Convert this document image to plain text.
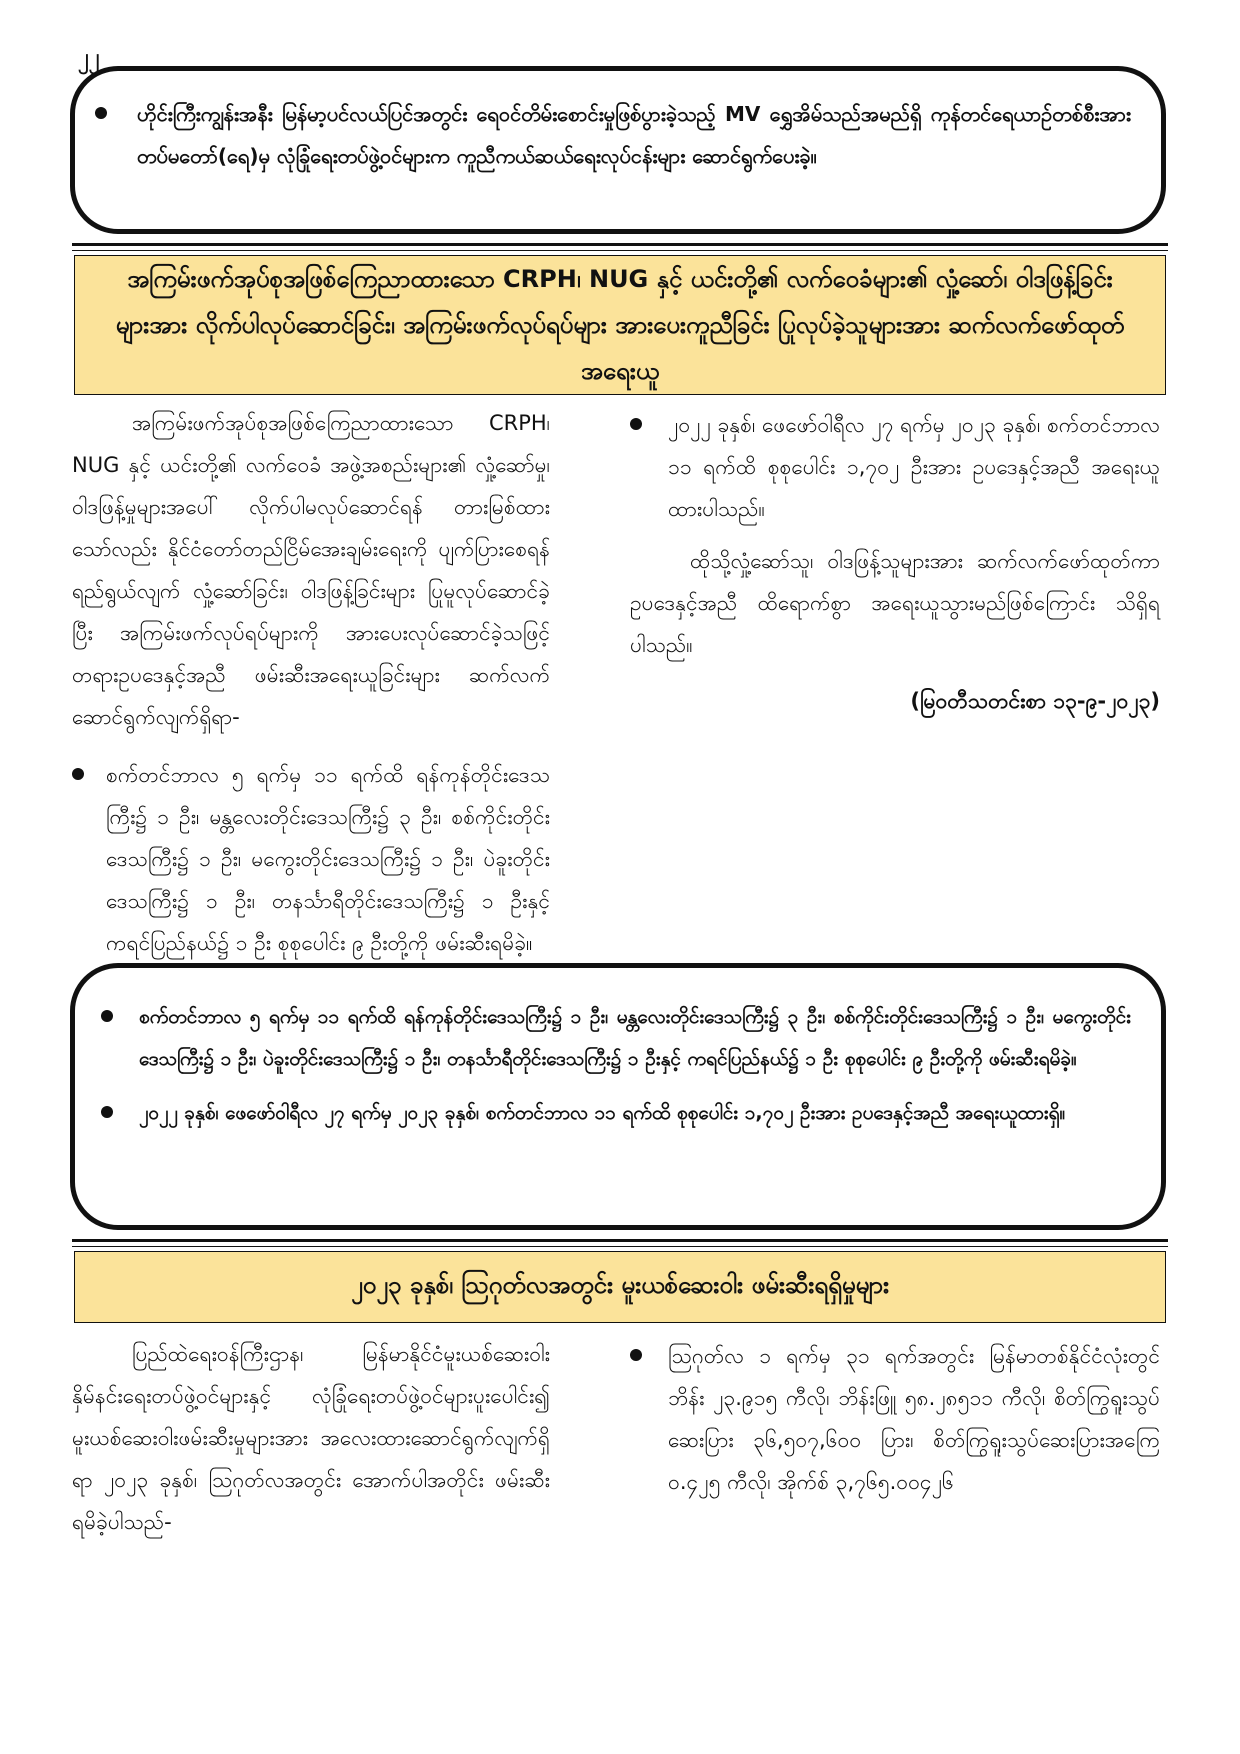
၂၂
ဟိုင်းကြီးကျွန်းအနီး မြန်မာ့ပင်လယ်ပြင်အတွင်း ရေဝင်တိမ်းစောင်းမှုဖြစ်ပွားခဲ့သည့် MV ရွှေအိမ်သည်အမည်ရှိ ကုန်တင်ရေယာဉ်တစ်စီးအား တပ်မတော်(ရေ)မှ လုံခြုံရေးတပ်ဖွဲ့ဝင်များက ကူညီကယ်ဆယ်ရေးလုပ်ငန်းများ ဆောင်ရွက်ပေးခဲ့။
အကြမ်းဖက်အုပ်စုအဖြစ်ကြေညာထားသော CRPH၊ NUG နှင့် ယင်းတို့၏ လက်ဝေခံများ၏ လှုံ့ဆော်၊ ဝါဒဖြန့်ခြင်းများအား လိုက်ပါလုပ်ဆောင်ခြင်း၊ အကြမ်းဖက်လုပ်ရပ်များ အားပေးကူညီခြင်း ပြုလုပ်ခဲ့သူများအား ဆက်လက်ဖော်ထုတ်အရေးယူ

အကြမ်းဖက်အုပ်စုအဖြစ်ကြေညာထားသော CRPH၊ NUG နှင့် ယင်းတို့၏ လက်ဝေခံ အဖွဲ့အစည်းများ၏ လှုံ့ဆော်မှု၊ ဝါဒဖြန့်မှုများအပေါ် လိုက်ပါမလုပ်ဆောင်ရန် တားမြစ်ထားသော်လည်း နိုင်ငံတော်တည်ငြိမ်အေးချမ်းရေးကို ပျက်ပြားစေရန် ရည်ရွယ်လျက် လှုံ့ဆော်ခြင်း၊ ဝါဒဖြန့်ခြင်းများ ပြုမူလုပ်ဆောင်ခဲ့ပြီး အကြမ်းဖက်လုပ်ရပ်များကို အားပေးလုပ်ဆောင်ခဲ့သဖြင့် တရားဥပဒေနှင့်အညီ ဖမ်းဆီးအရေးယူခြင်းများ ဆက်လက် ဆောင်ရွက်လျက်ရှိရာ-

စက်တင်ဘာလ ၅ ရက်မှ ၁၁ ရက်ထိ ရန်ကုန်တိုင်းဒေသကြီး၌ ၁ ဦး၊ မန္တလေးတိုင်းဒေသကြီး၌ ၃ ဦး၊ စစ်ကိုင်းတိုင်းဒေသကြီး၌ ၁ ဦး၊ မကွေးတိုင်းဒေသကြီး၌ ၁ ဦး၊ ပဲခူးတိုင်းဒေသကြီး၌ ၁ ဦး၊ တနင်္သာရီတိုင်းဒေသကြီး၌ ၁ ဦးနှင့် ကရင်ပြည်နယ်၌ ၁ ဦး စုစုပေါင်း ၉ ဦးတို့ကို ဖမ်းဆီးရမိခဲ့။
၂၀၂၂ ခုနှစ်၊ ဖေဖော်ဝါရီလ ၂၇ ရက်မှ ၂၀၂၃ ခုနှစ်၊ စက်တင်ဘာလ ၁၁ ရက်ထိ စုစုပေါင်း ၁,၇၀၂ ဦးအား ဥပဒေနှင့်အညီ အရေးယူထားပါသည်။

ထိုသို့လှုံ့ဆော်သူ၊ ဝါဒဖြန့်သူများအား ဆက်လက်ဖော်ထုတ်ကာ ဥပဒေနှင့်အညီ ထိရောက်စွာ အရေးယူသွားမည်ဖြစ်ကြောင်း သိရှိရပါသည်။

(မြဝတီသတင်းစာ ၁၃-၉-၂၀၂၃)

စက်တင်ဘာလ ၅ ရက်မှ ၁၁ ရက်ထိ ရန်ကုန်တိုင်းဒေသကြီး၌ ၁ ဦး၊ မန္တလေးတိုင်းဒေသကြီး၌ ၃ ဦး၊ စစ်ကိုင်းတိုင်းဒေသကြီး၌ ၁ ဦး၊ မကွေးတိုင်းဒေသကြီး၌ ၁ ဦး၊ ပဲခူးတိုင်းဒေသကြီး၌ ၁ ဦး၊ တနင်္သာရီတိုင်းဒေသကြီး၌ ၁ ဦးနှင့် ကရင်ပြည်နယ်၌ ၁ ဦး စုစုပေါင်း ၉ ဦးတို့ကို ဖမ်းဆီးရမိခဲ့။
၂၀၂၂ ခုနှစ်၊ ဖေဖော်ဝါရီလ ၂၇ ရက်မှ ၂၀၂၃ ခုနှစ်၊ စက်တင်ဘာလ ၁၁ ရက်ထိ စုစုပေါင်း ၁,၇၀၂ ဦးအား ဥပဒေနှင့်အညီ အရေးယူထားရှိ။
၂၀၂၃ ခုနှစ်၊ ဩဂုတ်လအတွင်း မူးယစ်ဆေးဝါး ဖမ်းဆီးရရှိမှုများ

ပြည်ထဲရေးဝန်ကြီးဌာန၊ မြန်မာနိုင်ငံမူးယစ်ဆေးဝါး နှိမ်နင်းရေးတပ်ဖွဲ့ဝင်များနှင့် လုံခြုံရေးတပ်ဖွဲ့ဝင်များပူးပေါင်း၍ မူးယစ်ဆေးဝါးဖမ်းဆီးမှုများအား အလေးထားဆောင်ရွက်လျက်ရှိရာ ၂၀၂၃ ခုနှစ်၊ ဩဂုတ်လအတွင်း အောက်ပါအတိုင်း ဖမ်းဆီးရမိခဲ့ပါသည်-

ဩဂုတ်လ ၁ ရက်မှ ၃၁ ရက်အတွင်း မြန်မာတစ်နိုင်ငံလုံးတွင် ဘိန်း ၂၃.၉၁၅ ကီလို၊ ဘိန်းဖြူ ၅၈.၂၈၅၁၁ ကီလို၊ စိတ်ကြွရူးသွပ်ဆေးပြား ၃၆,၅၀၇,၆၀၀ ပြား၊ စိတ်ကြွရူးသွပ်ဆေးပြားအကြေ ၀.၄၂၅ ကီလို၊ အိုက်စ် ၃,၇၆၅.၀၀၄၂၆
